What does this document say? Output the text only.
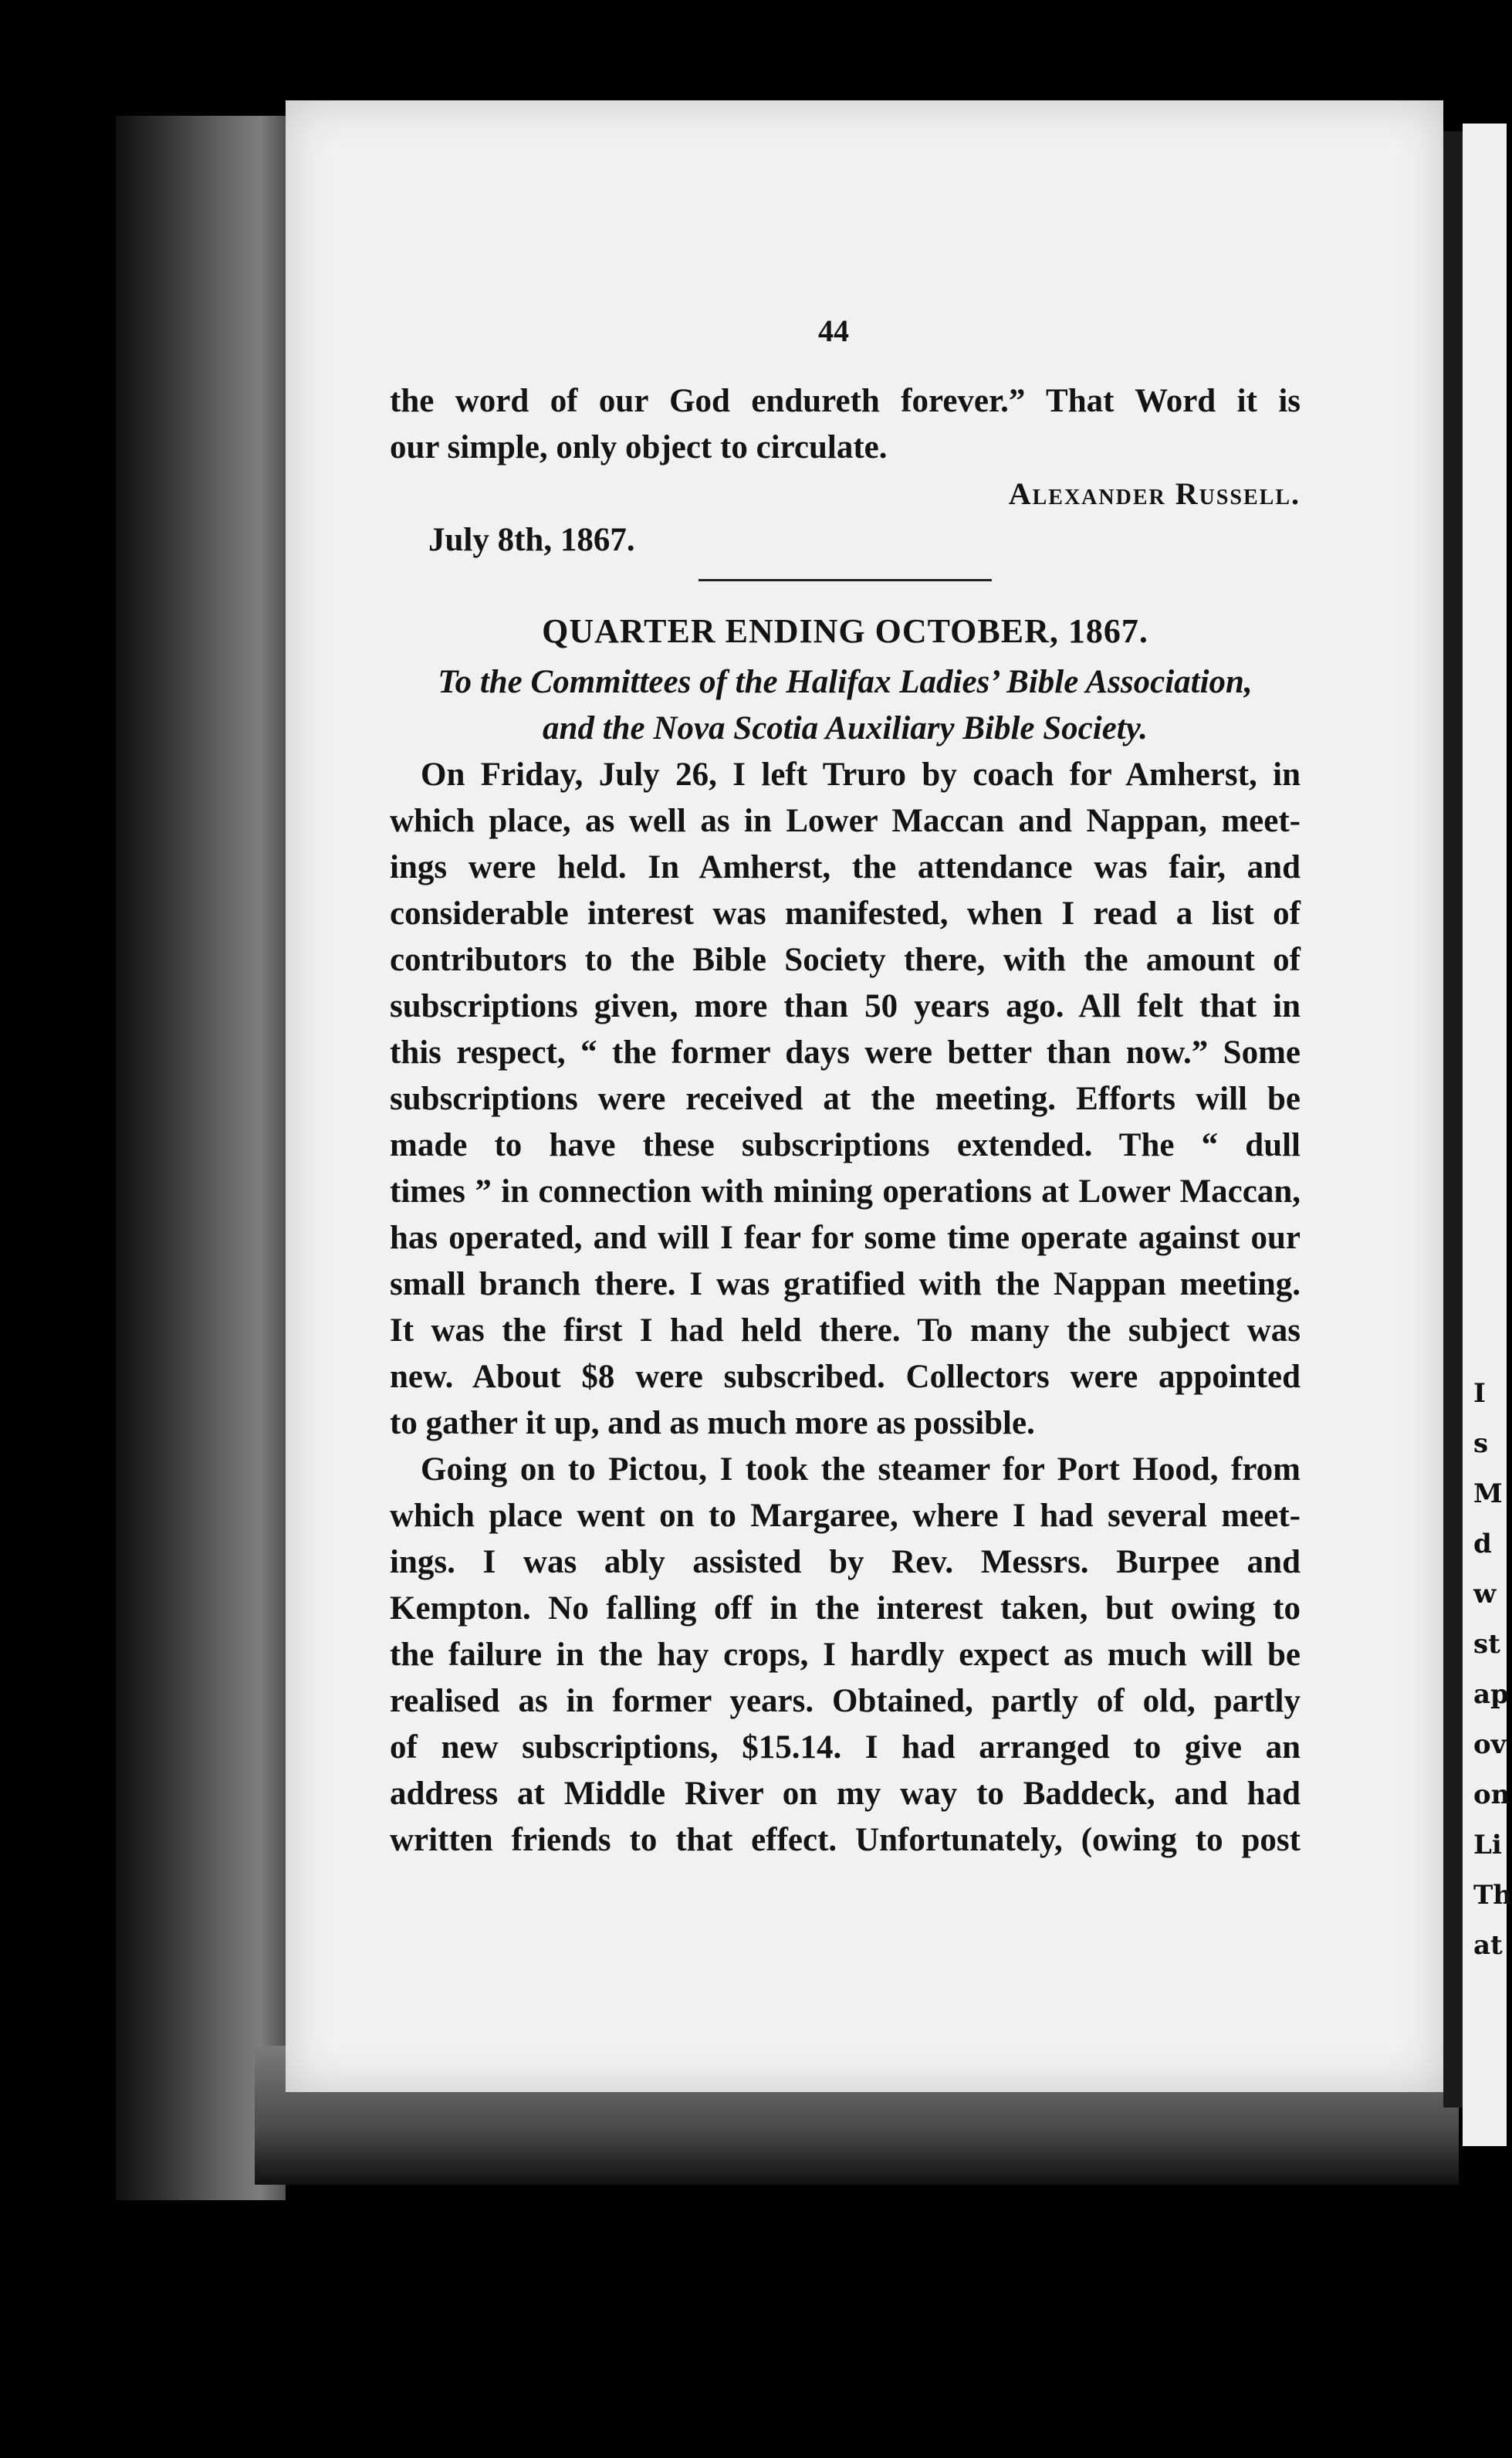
I
s
M
d
w
st
ap
ov
on
Li
Th
at
44
the word of our God endureth forever.” That Word it is
our simple, only object to circulate.
Alexander Russell.
July 8th, 1867.
QUARTER ENDING OCTOBER, 1867.
To the Committees of the Halifax Ladies’ Bible Association,
and the Nova Scotia Auxiliary Bible Society.
On Friday, July 26, I left Truro by coach for Amherst, in
which place, as well as in Lower Maccan and Nappan, meet-
ings were held. In Amherst, the attendance was fair, and
considerable interest was manifested, when I read a list of
contributors to the Bible Society there, with the amount of
subscriptions given, more than 50 years ago. All felt that in
this respect, “ the former days were better than now.” Some
subscriptions were received at the meeting. Efforts will be
made to have these subscriptions extended. The “ dull
times ” in connection with mining operations at Lower Maccan,
has operated, and will I fear for some time operate against our
small branch there. I was gratified with the Nappan meeting.
It was the first I had held there. To many the subject was
new. About $8 were subscribed. Collectors were appointed
to gather it up, and as much more as possible.
Going on to Pictou, I took the steamer for Port Hood, from
which place went on to Margaree, where I had several meet-
ings. I was ably assisted by Rev. Messrs. Burpee and
Kempton. No falling off in the interest taken, but owing to
the failure in the hay crops, I hardly expect as much will be
realised as in former years. Obtained, partly of old, partly
of new subscriptions, $15.14. I had arranged to give an
address at Middle River on my way to Baddeck, and had
written friends to that effect. Unfortunately, (owing to post
